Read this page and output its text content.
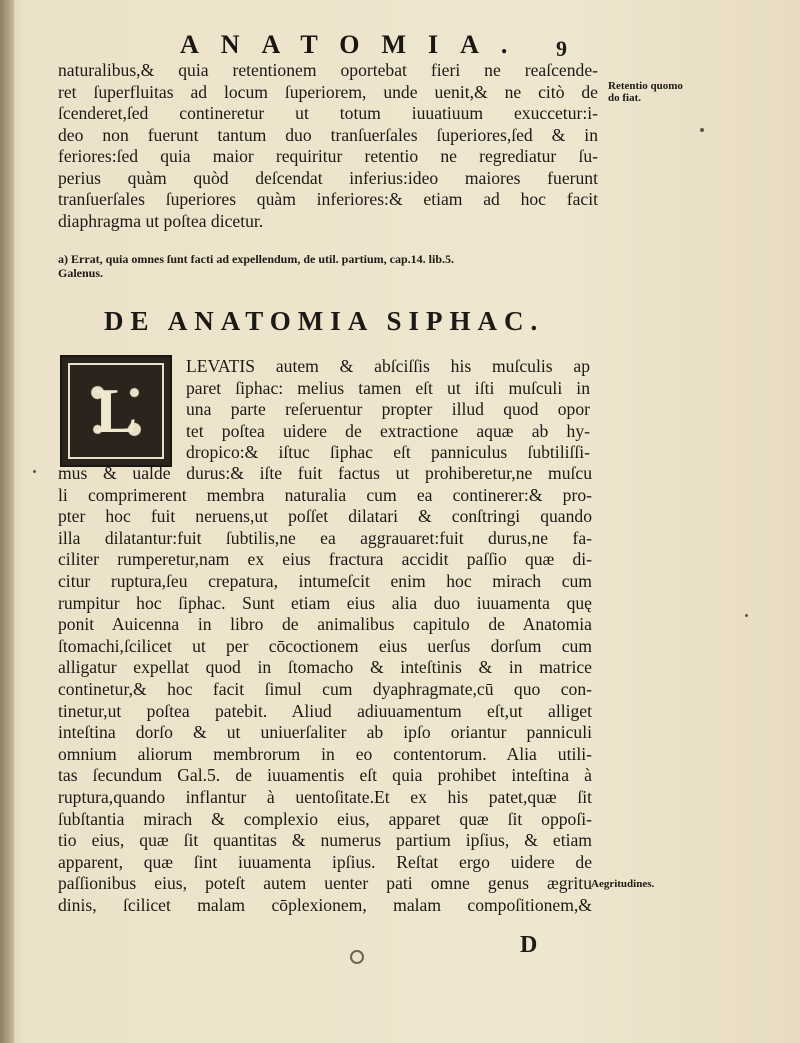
ANATOMIA.	9
naturalibus,& quia retentionem oportebat fieri ne reaſcende-
ret ſuperfluitas ad locum ſuperiorem, unde uenit,& ne citò de
ſcenderet,ſed contineretur ut totum iuuatiuum exuccetur:i-
deo non fuerunt tantum duo tranſuerſales ſuperiores,ſed & in
feriores:ſed quia maior requiritur retentio ne regrediatur ſu-
perius quàm quòd deſcendat inferius:ideo maiores fuerunt
tranſuerſales ſuperiores quàm inferiores:& etiam ad hoc facit
diaphragma ut poſtea dicetur.
Retentio quomo
do fiat.
a) Errat, quia omnes ſunt facti ad expellendum, de util. partium, cap.14. lib.5.
Galenus.
DE ANATOMIA SIPHAC.
L
LEVATIS autem & abſciſſis his muſculis ap
paret ſiphac: melius tamen eſt ut iſti muſculi in
una parte reſeruentur propter illud quod opor
tet poſtea uidere de extractione aquæ ab hy-
dropico:& iſtuc ſiphac eſt panniculus ſubtiliſſi-
mus & ualde durus:& iſte fuit factus ut prohiberetur,ne muſcu
li comprimerent membra naturalia cum ea continerer:& pro-
pter hoc fuit neruens,ut poſſet dilatari & conſtringi quando
illa dilatantur:fuit ſubtilis,ne ea aggrauaret:fuit durus,ne fa-
ciliter rumperetur,nam ex eius fractura accidit paſſio quæ di-
citur ruptura,ſeu crepatura, intumeſcit enim hoc mirach cum
rumpitur hoc ſiphac. Sunt etiam eius alia duo iuuamenta quę
ponit Auicenna in libro de animalibus capitulo de Anatomia
ſtomachi,ſcilicet ut per cōcoctionem eius uerſus dorſum cum
alligatur expellat quod in ſtomacho & inteſtinis & in matrice
continetur,& hoc facit ſimul cum dyaphragmate,cū quo con-
tinetur,ut poſtea patebit. Aliud adiuuamentum eſt,ut alliget
inteſtina dorſo & ut uniuerſaliter ab ipſo oriantur panniculi
omnium aliorum membrorum in eo contentorum. Alia utili-
tas ſecundum Gal.5. de iuuamentis eſt quia prohibet inteſtina à
ruptura,quando inflantur à uentoſitate.Et ex his patet,quæ ſit
ſubſtantia mirach & complexio eius, apparet quæ ſit oppoſi-
tio eius, quæ ſit quantitas & numerus partium ipſius, & etiam
apparent, quæ ſint iuuamenta ipſius. Reſtat ergo uidere de
paſſionibus eius, poteſt autem uenter pati omne genus ægritu
dinis, ſcilicet malam cōplexionem, malam compoſitionem,&
Aegritudines.
D
